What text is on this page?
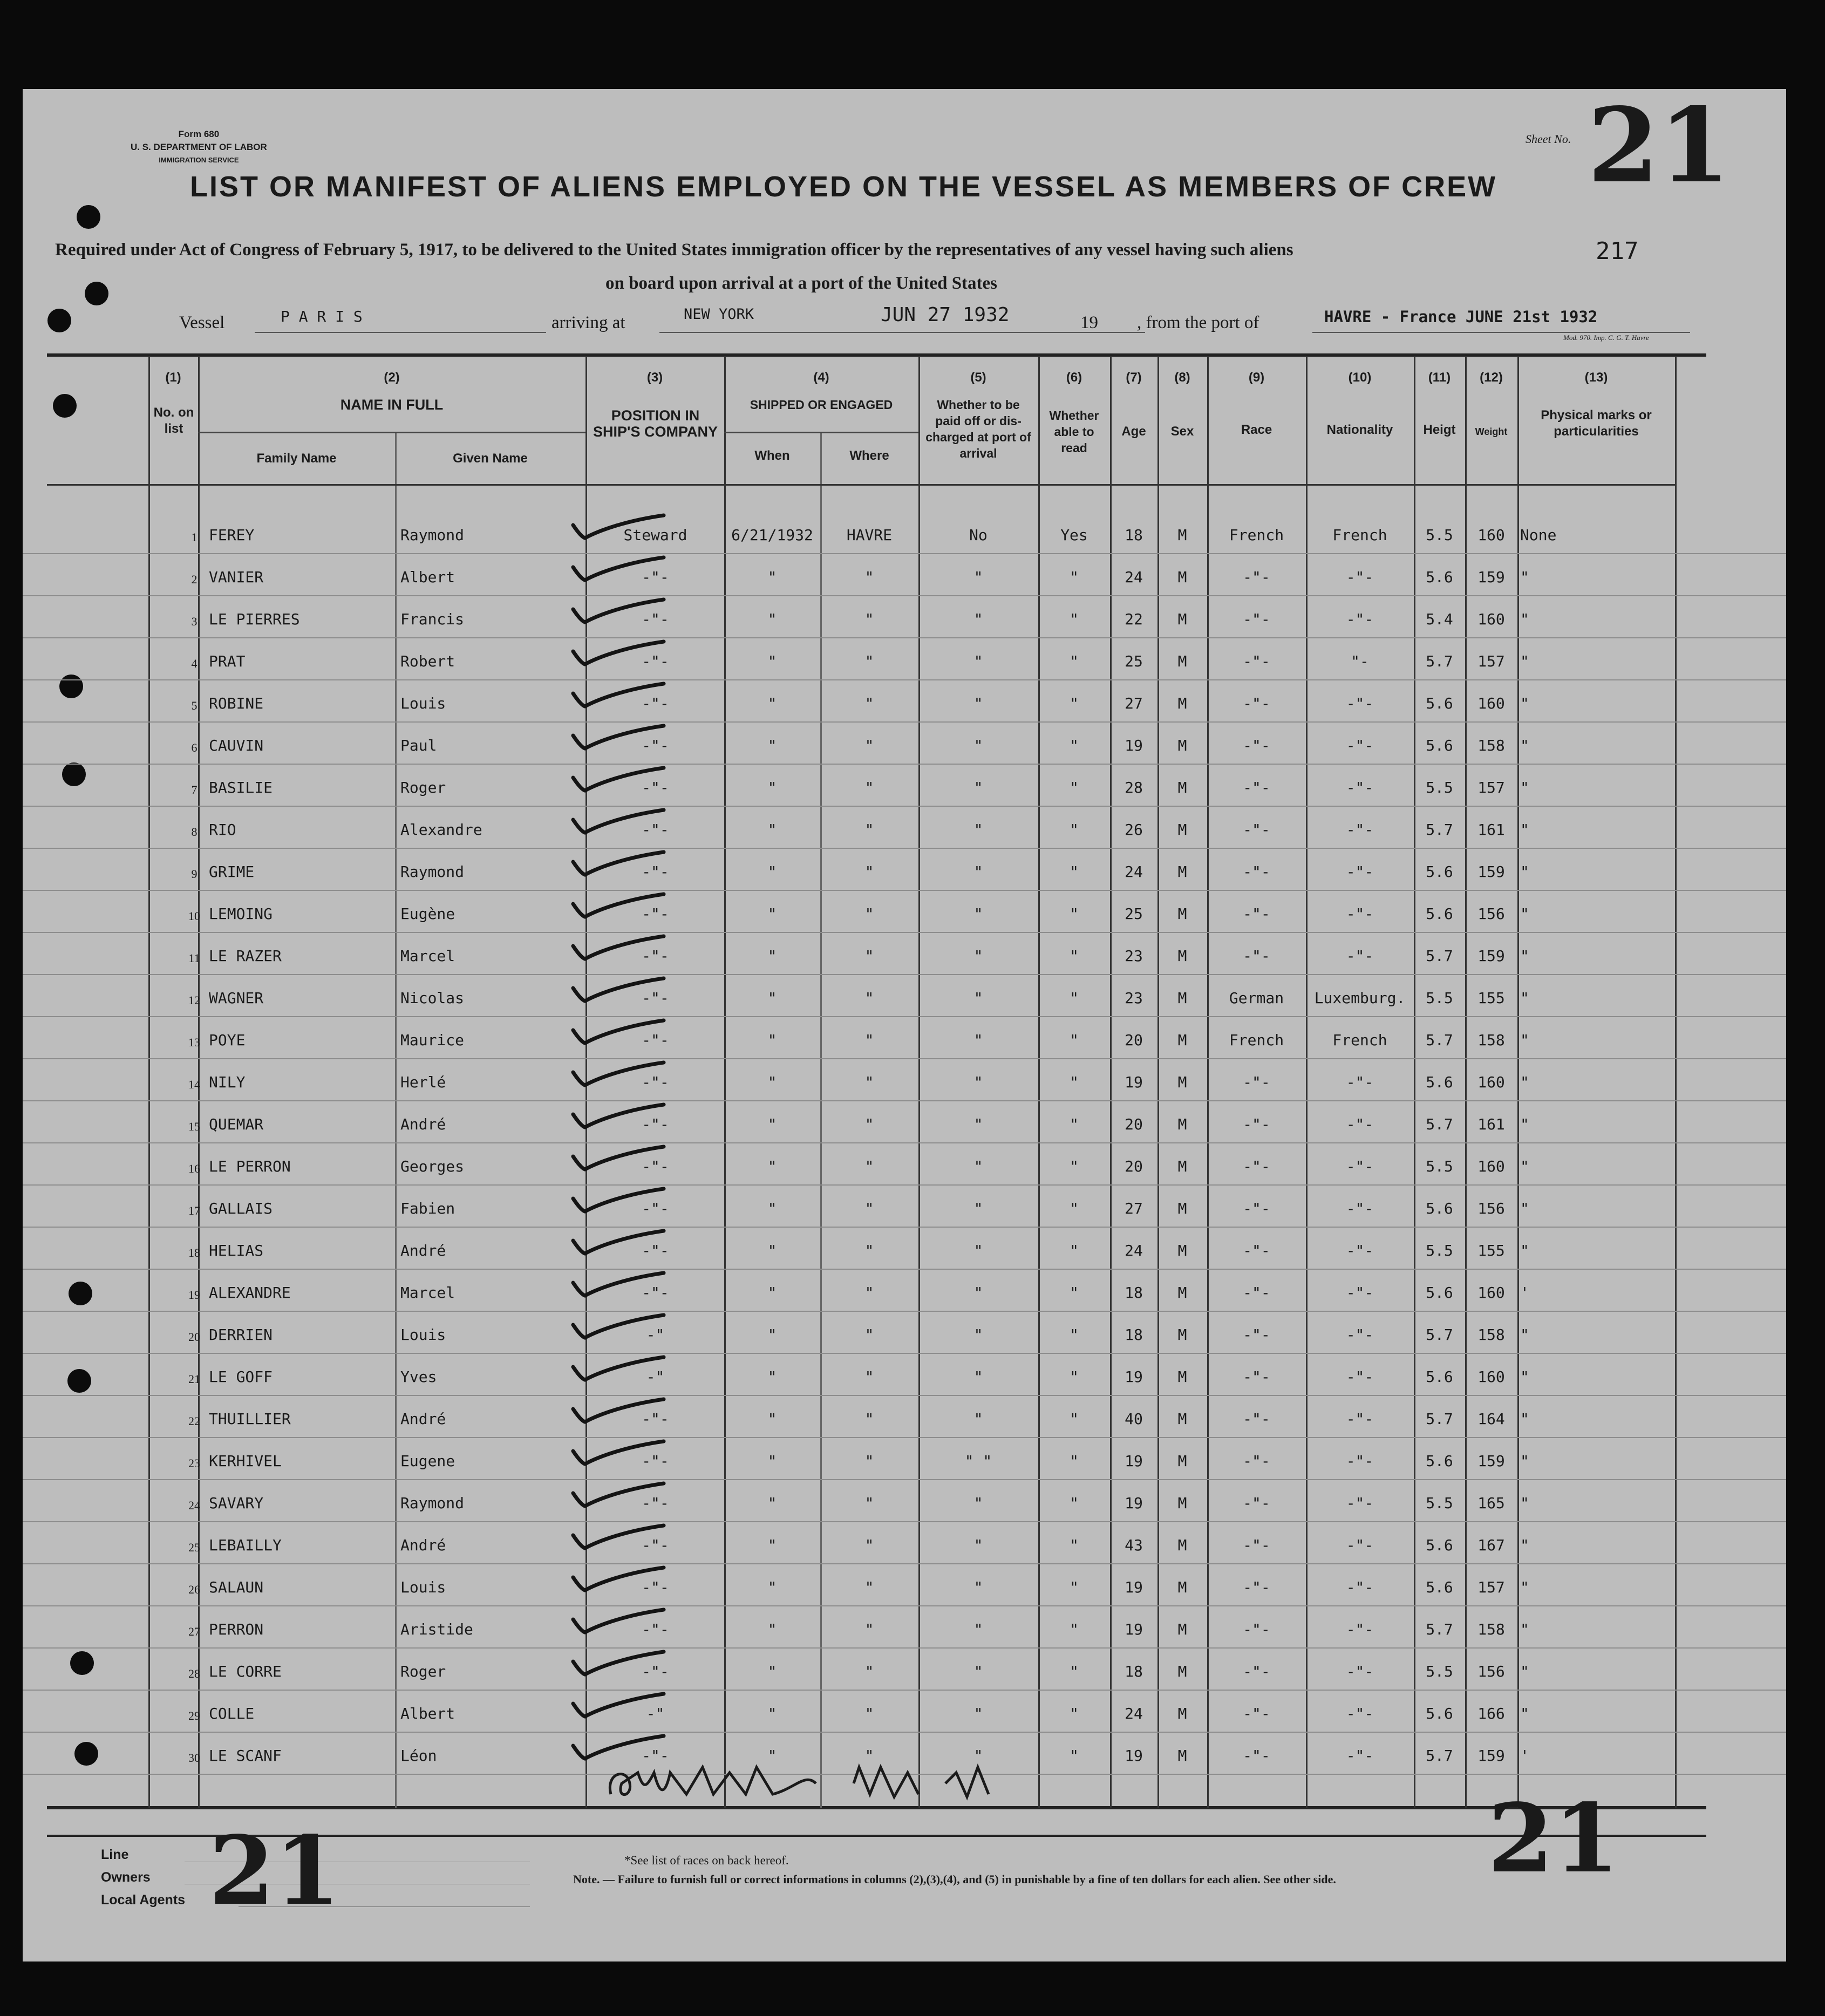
Form 680
U. S. DEPARTMENT OF LABOR
IMMIGRATION SERVICE
Sheet No. 21
LIST OR MANIFEST OF ALIENS EMPLOYED ON THE VESSEL AS MEMBERS OF CREW
Required under Act of Congress of February 5, 1917, to be delivered to the United States immigration officer by the representatives of any vessel having such aliens
on board upon arrival at a port of the United States
217
Vessel	P A R I S	arriving at	NEW YORK	JUN 27 1932	19 , from the port of	HAVRE - France JUNE 21st 1932
Mod. 970. Imp. C. G. T. Havre
(1)
No. on list
(2)
NAME IN FULL
Family Name	Given Name
(3)
POSITION IN SHIP'S COMPANY
(4)
SHIPPED OR ENGAGED
When	Where
(5)
Whether to be paid off or dis-charged at port of arrival
(6)
Whether able to read
(7)
Age
(8)
Sex
(9)
Race
(10)
Nationality
(11)
Heigt
(12)
Weight
(13)
Physical marks or particularities
1 FEREY	Raymond	Steward	6/21/1932	HAVRE	No	Yes	18	M	French	French	5.5	160	None
2 VANIER	Albert	-"-	"	"	"	"	24	M	-"-	-"-	5.6	159	"
3 LE PIERRES	Francis	-"-	"	"	"	"	22	M	-"-	-"-	5.4	160	"
4 PRAT	Robert	-"-	"	"	"	"	25	M	-"-	"-	5.7	157	"
5 ROBINE	Louis	-"-	"	"	"	"	27	M	-"-	-"-	5.6	160	"
6 CAUVIN	Paul	-"-	"	"	"	"	19	M	-"-	-"-	5.6	158	"
7 BASILIE	Roger	-"-	"	"	"	"	28	M	-"-	-"-	5.5	157	"
8 RIO	Alexandre	-"-	"	"	"	"	26	M	-"-	-"-	5.7	161	"
9 GRIME	Raymond	-"-	"	"	"	"	24	M	-"-	-"-	5.6	159	"
10 LEMOING	Eugène	-"-	"	"	"	"	25	M	-"-	-"-	5.6	156	"
11 LE RAZER	Marcel	-"-	"	"	"	"	23	M	-"-	-"-	5.7	159	"
12 WAGNER	Nicolas	-"-	"	"	"	"	23	M	German	Luxemburg.	5.5	155	"
13 POYE	Maurice	-"-	"	"	"	"	20	M	French	French	5.7	158	"
14 NILY	Herlé	-"-	"	"	"	"	19	M	-"-	-"-	5.6	160	"
15 QUEMAR	André	-"-	"	"	"	"	20	M	-"-	-"-	5.7	161	"
16 LE PERRON	Georges	-"-	"	"	"	"	20	M	-"-	-"-	5.5	160	"
17 GALLAIS	Fabien	-"-	"	"	"	"	27	M	-"-	-"-	5.6	156	"
18 HELIAS	André	-"-	"	"	"	"	24	M	-"-	-"-	5.5	155	"
19 ALEXANDRE	Marcel	-"-	"	"	"	"	18	M	-"-	-"-	5.6	160	'
20 DERRIEN	Louis	-"	"	"	"	"	18	M	-"-	-"-	5.7	158	"
21 LE GOFF	Yves	-"	"	"	"	"	19	M	-"-	-"-	5.6	160	"
22 THUILLIER	André	-"-	"	"	"	"	40	M	-"-	-"-	5.7	164	"
23 KERHIVEL	Eugene	-"-	"	"	" "	"	19	M	-"-	-"-	5.6	159	"
24 SAVARY	Raymond	-"-	"	"	"	"	19	M	-"-	-"-	5.5	165	"
25 LEBAILLY	André	-"-	"	"	"	"	43	M	-"-	-"-	5.6	167	"
26 SALAUN	Louis	-"-	"	"	"	"	19	M	-"-	-"-	5.6	157	"
27 PERRON	Aristide	-"-	"	"	"	"	19	M	-"-	-"-	5.7	158	"
28 LE CORRE	Roger	-"-	"	"	"	"	18	M	-"-	-"-	5.5	156	"
29 COLLE	Albert	-"	"	"	"	"	24	M	-"-	-"-	5.6	166	"
30 LE SCANF	Léon	-"-	"	"	"	"	19	M	-"-	-"-	5.7	159	'
Line
Owners
Local Agents 21	21
*See list of races on back hereof.
Note. — Failure to furnish full or correct informations in columns (2),(3),(4), and (5) in punishable by a fine of ten dollars for each alien. See other side.
